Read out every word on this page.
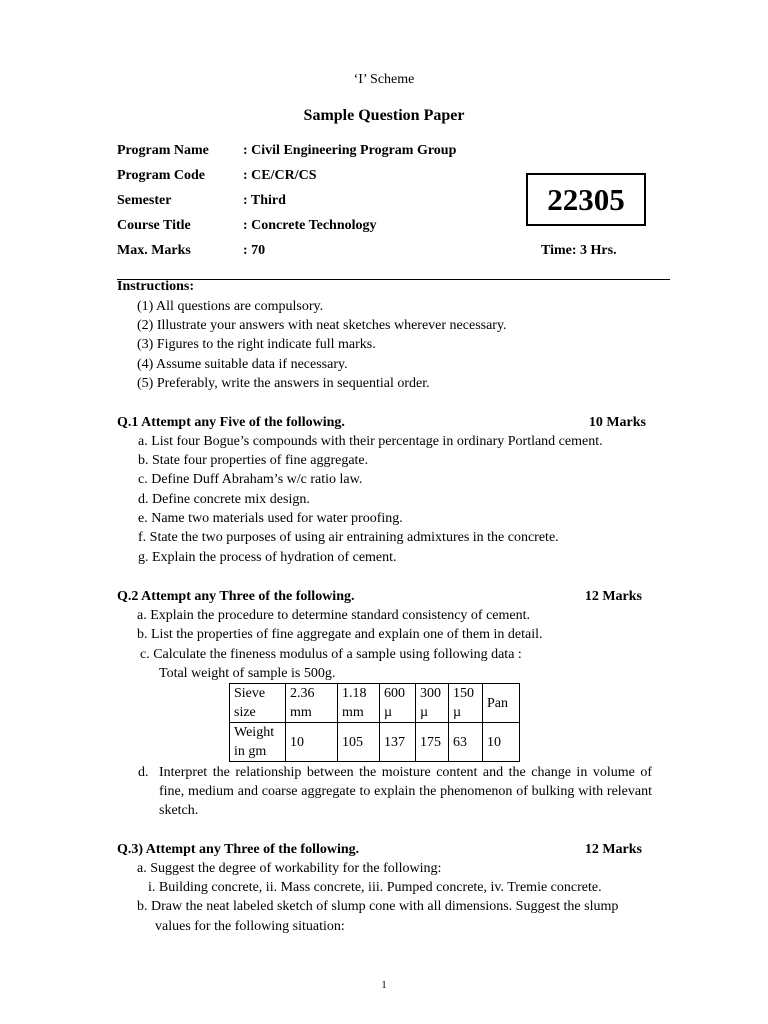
‘I’ Scheme
Sample Question Paper
Program Name : Civil Engineering Program Group
Program Code	: CE/CR/CS
Semester	: Third
Course Title	: Concrete Technology
Max. Marks	: 70
22305
Time: 3 Hrs.
Instructions:
(1) All questions are compulsory.
(2) Illustrate your answers with neat sketches wherever necessary.
(3) Figures to the right indicate full marks.
(4) Assume suitable data if necessary.
(5) Preferably, write the answers in sequential order.
Q.1 Attempt any Five of the following.	10 Marks
a. List four Bogue’s compounds with their percentage in ordinary Portland cement.
b. State four properties of fine aggregate.
c. Define Duff Abraham’s w/c ratio law.
d. Define concrete mix design.
e. Name two materials used for water proofing.
f. State the two purposes of using air entraining admixtures in the concrete.
g. Explain the process of hydration of cement.
Q.2 Attempt any Three of the following.	12 Marks
a. Explain the procedure to determine standard consistency of cement.
b. List the properties of fine aggregate and explain one of them in detail.
c. Calculate the fineness modulus of a sample using following data :
Total weight of sample is 500g.
Sieve size	2.36 mm	1.18 mm	600 µ	300 µ	150 µ	Pan
Weight in gm	10	105	137	175	63	10
d. Interpret the relationship between the moisture content and the change in volume of fine, medium and coarse aggregate to explain the phenomenon of bulking with relevant sketch.
Q.3) Attempt any Three of the following.	12 Marks
a. Suggest the degree of workability for the following:
i. Building concrete, ii. Mass concrete, iii. Pumped concrete, iv. Tremie concrete.
b. Draw the neat labeled sketch of slump cone with all dimensions. Suggest the slump
values for the following situation:
1
